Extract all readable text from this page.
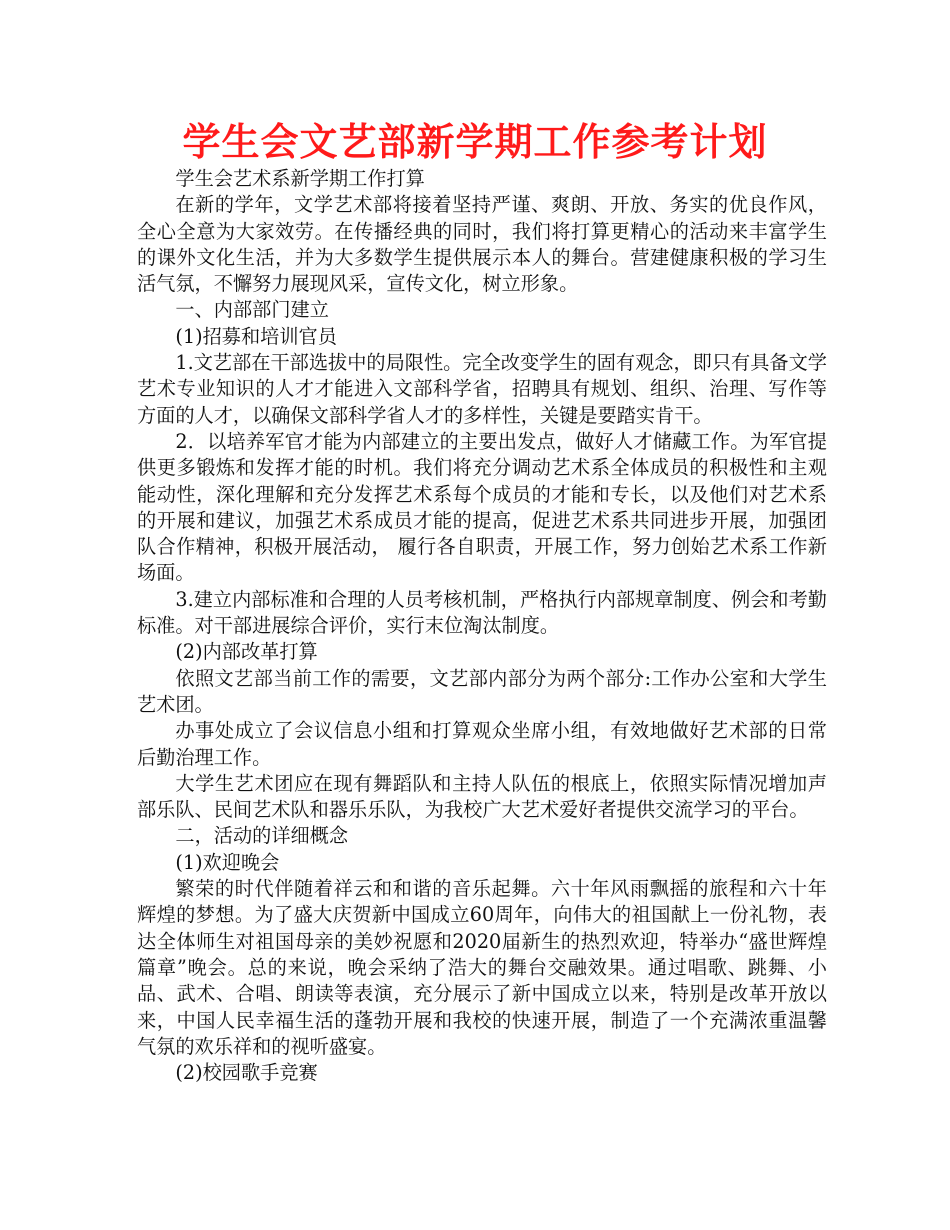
学生会文艺部新学期工作参考计划

学生会艺术系新学期工作打算

在新的学年，文学艺术部将接着坚持严谨、爽朗、开放、务实的优良作风，全心全意为大家效劳。在传播经典的同时，我们将打算更精心的活动来丰富学生的课外文化生活，并为大多数学生提供展示本人的舞台。营建健康积极的学习生活气氛，不懈努力展现风采，宣传文化，树立形象。

一、内部部门建立

(1)招募和培训官员

1.文艺部在干部选拔中的局限性。完全改变学生的固有观念，即只有具备文学艺术专业知识的人才才能进入文部科学省，招聘具有规划、组织、治理、写作等方面的人才，以确保文部科学省人才的多样性，关键是要踏实肯干。

2．以培养军官才能为内部建立的主要出发点，做好人才储藏工作。为军官提供更多锻炼和发挥才能的时机。我们将充分调动艺术系全体成员的积极性和主观能动性，深化理解和充分发挥艺术系每个成员的才能和专长，以及他们对艺术系的开展和建议，加强艺术系成员才能的提高，促进艺术系共同进步开展，加强团队合作精神，积极开展活动， 履行各自职责，开展工作，努力创始艺术系工作新场面。

3.建立内部标准和合理的人员考核机制，严格执行内部规章制度、例会和考勤标准。对干部进展综合评价，实行末位淘汰制度。

(2)内部改革打算

依照文艺部当前工作的需要，文艺部内部分为两个部分:工作办公室和大学生艺术团。

办事处成立了会议信息小组和打算观众坐席小组，有效地做好艺术部的日常后勤治理工作。

大学生艺术团应在现有舞蹈队和主持人队伍的根底上，依照实际情况增加声部乐队、民间艺术队和器乐乐队，为我校广大艺术爱好者提供交流学习的平台。

二，活动的详细概念

(1)欢迎晚会

繁荣的时代伴随着祥云和和谐的音乐起舞。六十年风雨飘摇的旅程和六十年辉煌的梦想。为了盛大庆贺新中国成立60周年，向伟大的祖国献上一份礼物，表达全体师生对祖国母亲的美妙祝愿和2020届新生的热烈欢迎，特举办“盛世辉煌篇章”晚会。总的来说，晚会采纳了浩大的舞台交融效果。通过唱歌、跳舞、小品、武术、合唱、朗读等表演，充分展示了新中国成立以来，特别是改革开放以来，中国人民幸福生活的蓬勃开展和我校的快速开展，制造了一个充满浓重温馨气氛的欢乐祥和的视听盛宴。

(2)校园歌手竞赛
